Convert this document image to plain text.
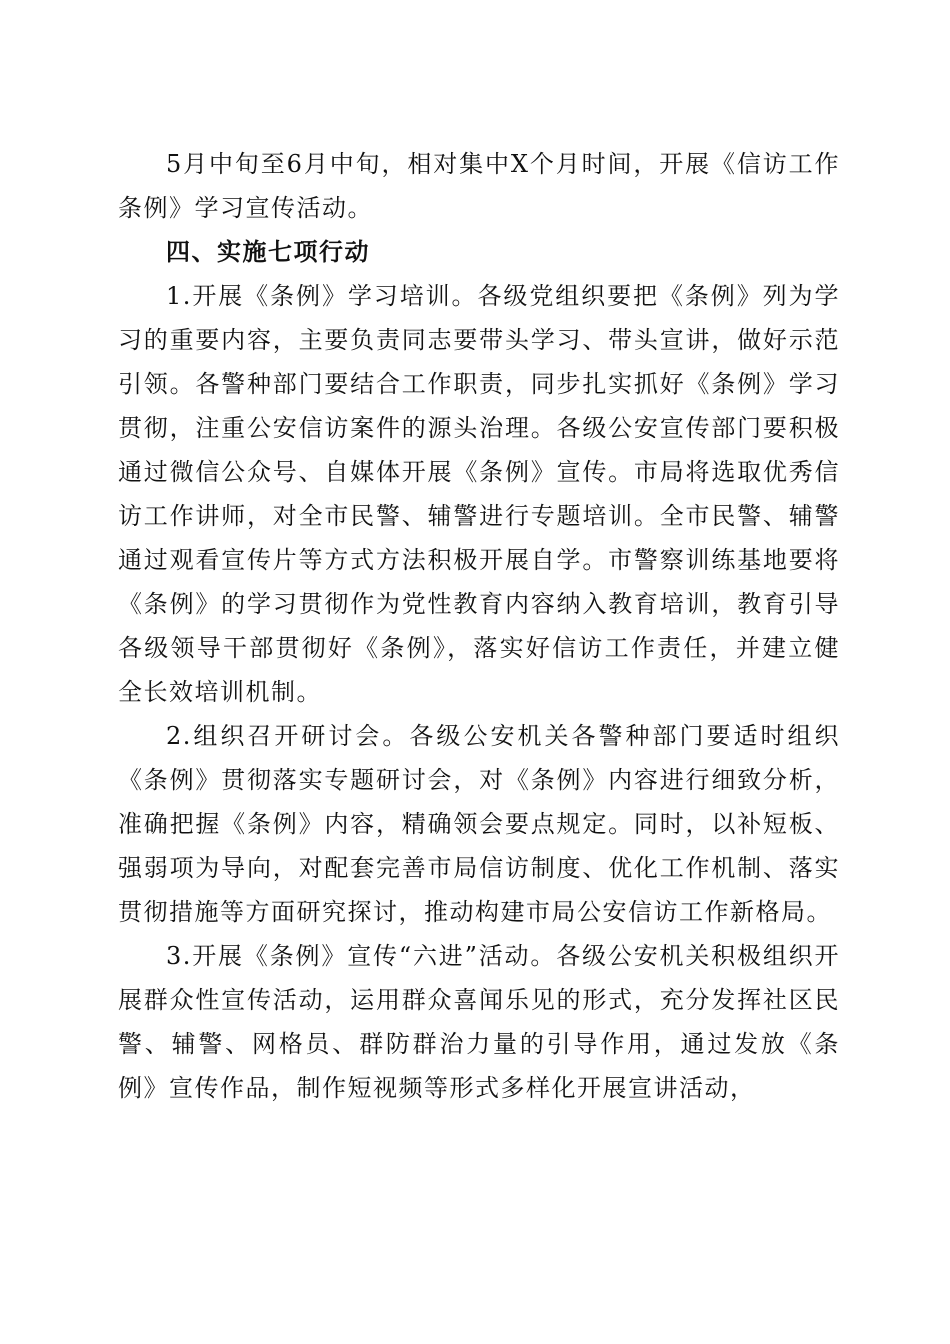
5月中旬至6月中旬，相对集中X个月时间，开展《信访工作条例》学习宣传活动。

四、实施七项行动

1.开展《条例》学习培训。各级党组织要把《条例》列为学习的重要内容，主要负责同志要带头学习、带头宣讲，做好示范引领。各警种部门要结合工作职责，同步扎实抓好《条例》学习贯彻，注重公安信访案件的源头治理。各级公安宣传部门要积极通过微信公众号、自媒体开展《条例》宣传。市局将选取优秀信访工作讲师，对全市民警、辅警进行专题培训。全市民警、辅警通过观看宣传片等方式方法积极开展自学。市警察训练基地要将《条例》的学习贯彻作为党性教育内容纳入教育培训，教育引导各级领导干部贯彻好《条例》，落实好信访工作责任，并建立健全长效培训机制。

2.组织召开研讨会。各级公安机关各警种部门要适时组织《条例》贯彻落实专题研讨会，对《条例》内容进行细致分析，准确把握《条例》内容，精确领会要点规定。同时，以补短板、强弱项为导向，对配套完善市局信访制度、优化工作机制、落实贯彻措施等方面研究探讨，推动构建市局公安信访工作新格局。

3.开展《条例》宣传“六进”活动。各级公安机关积极组织开展群众性宣传活动，运用群众喜闻乐见的形式，充分发挥社区民警、辅警、网格员、群防群治力量的引导作用，通过发放《条例》宣传作品，制作短视频等形式多样化开展宣讲活动，
